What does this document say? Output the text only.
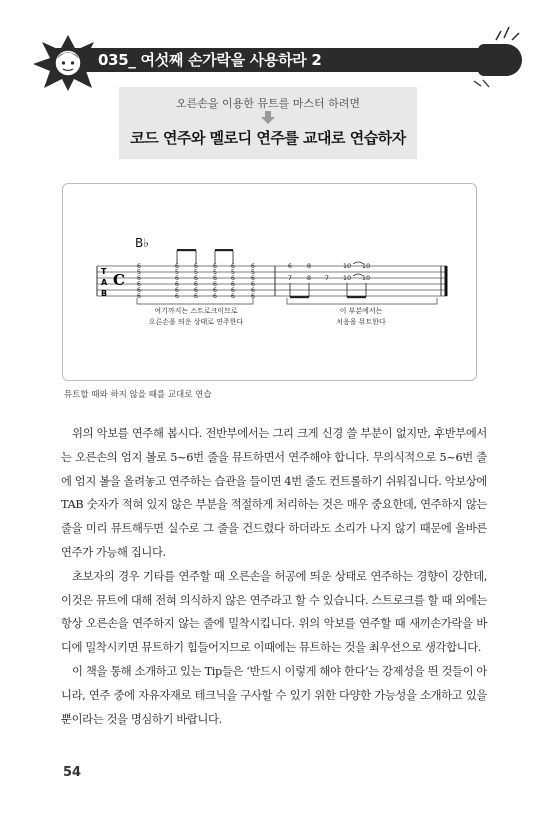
035_ 여섯째 손가락을 사용하라 2
오른손을 이용한 뮤트를 마스터 하려면
코드 연주와 멜로디 연주를 교대로 연습하자
B♭
T
A
B
C
6
5
6
6
6
6
6
5
6
6
6
6
6
5
6
6
6
6
6
5
6
6
6
6
6
5
6
6
6
6
6
5
6
6
6
6
6 8	10 10
7 8 7 10 10
여기까지는 스트로크이므로
오른손을 띄운 상태로 연주한다
이 부분에서는
처음을 뮤트한다
뮤트할 때와 하지 않을 때를 교대로 연습

위의 악보를 연주해 봅시다. 전반부에서는 그리 크게 신경 쓸 부분이 없지만, 후반부에서는 오른손의 엄지 볼로 5~6번 줄을 뮤트하면서 연주해야 합니다. 무의식적으로 5~6번 줄에 엄지 볼을 올려놓고 연주하는 습관을 들이면 4번 줄도 컨트롤하기 쉬워집니다. 악보상에 TAB 숫자가 적혀 있지 않은 부분을 적절하게 처리하는 것은 매우 중요한데, 연주하지 않는 줄을 미리 뮤트해두면 실수로 그 줄을 건드렸다 하더라도 소리가 나지 않기 때문에 올바른 연주가 가능해 집니다.

초보자의 경우 기타를 연주할 때 오른손을 허공에 띄운 상태로 연주하는 경향이 강한데, 이것은 뮤트에 대해 전혀 의식하지 않은 연주라고 할 수 있습니다. 스트로크를 할 때 외에는 항상 오른손을 연주하지 않는 줄에 밀착시킵니다. 위의 악보를 연주할 때 새끼손가락을 바디에 밀착시키면 뮤트하기 힘들어지므로 이때에는 뮤트하는 것을 최우선으로 생각합니다.

이 책을 통해 소개하고 있는 Tip들은 ‘반드시 이렇게 해야 한다’는 강제성을 띈 것들이 아니라, 연주 중에 자유자재로 테크닉을 구사할 수 있기 위한 다양한 가능성을 소개하고 있을 뿐이라는 것을 명심하기 바랍니다.

54
